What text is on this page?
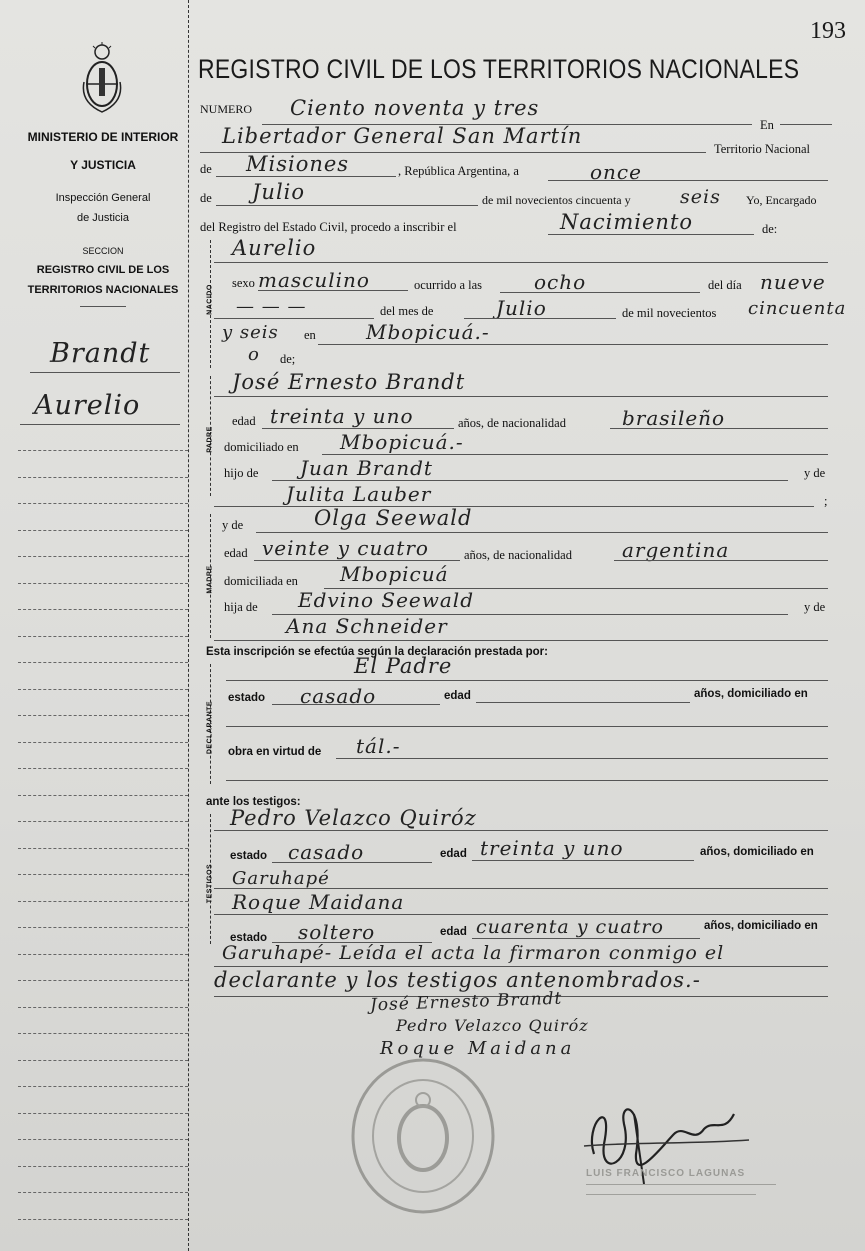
193
MINISTERIO DE INTERIOR
Y JUSTICIA
Inspección General
de Justicia
SECCION
REGISTRO CIVIL DE LOS
TERRITORIOS NACIONALES
Brandt
Aurelio
REGISTRO CIVIL DE LOS TERRITORIOS NACIONALES
NUMERO Ciento noventa y tres
En
Libertador General San Martín
Territorio Nacional
de Misiones	, República Argentina, a	once
de Julio	de mil novecientos cincuenta y	seis Yo, Encargado
del Registro del Estado Civil, procedo a inscribir el	Nacimiento	de:
NACIDO
Aurelio
sexo masculino	ocurrido a las	ocho	del día nueve
— — —	del mes de	Julio	de mil novecientos cincuenta
y seis en	Mbopicuá.-
o de;
PADRE
José Ernesto Brandt
edad treinta y uno	años, de nacionalidad	brasileño
domiciliado en Mbopicuá.-
hijo de Juan Brandt	y de
Julita Lauber	;
MADRE
y de	Olga Seewald
edad veinte y cuatro	años, de nacionalidad	argentina
domiciliada en Mbopicuá
hija de Edvino Seewald	y de
Ana Schneider
Esta inscripción se efectúa según la declaración prestada por:
DECLARANTE
El Padre
estado casado	edad	años, domiciliado en
obra en virtud de tál.-
ante los testigos:
TESTIGOS
Pedro Velazco Quiróz
estado casado	edad treinta y uno	años, domiciliado en
Garuhapé
Roque Maidana
estado soltero	edad cuarenta y cuatro	años, domiciliado en
Garuhapé- Leída el acta la firmaron conmigo el
declarante y los testigos antenombrados.-
José Ernesto Brandt
Pedro Velazco Quiróz
Roque Maidana
LUIS FRANCISCO LAGUNAS
